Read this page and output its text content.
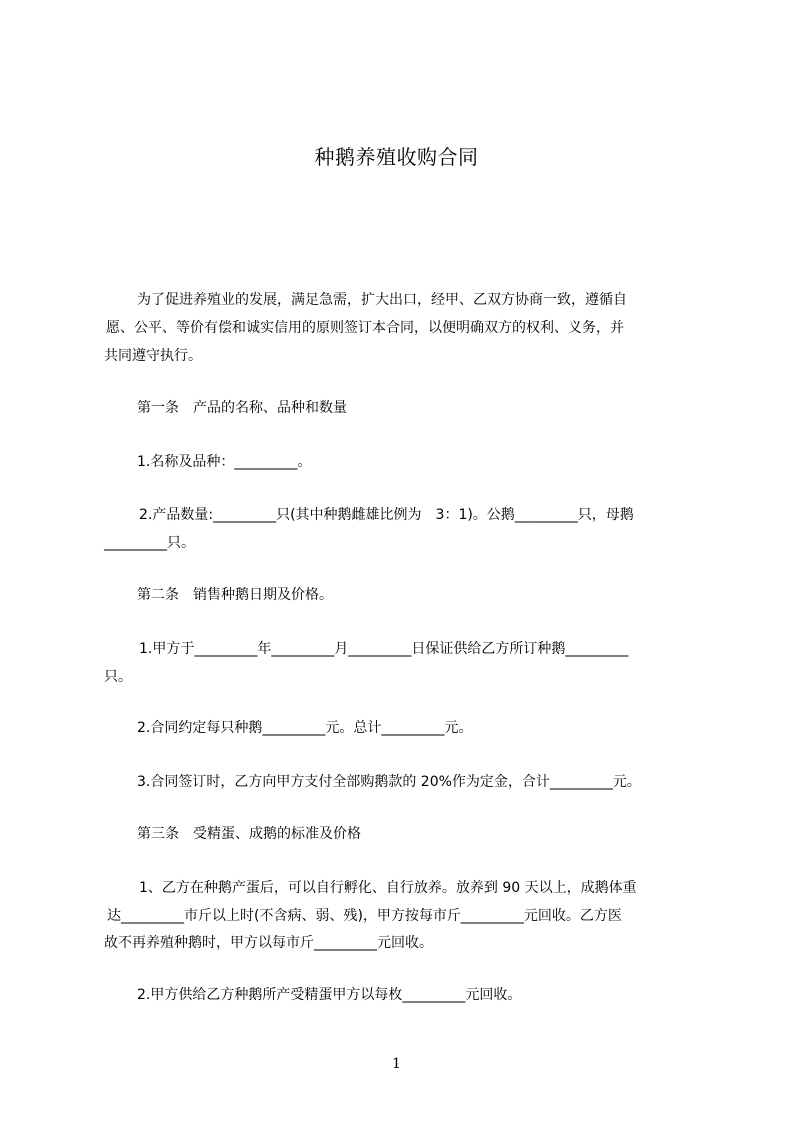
种鹅养殖收购合同
为了促进养殖业的发展，满足急需，扩大出口，经甲、乙双方协商一致，遵循自
愿、公平、等价有偿和诚实信用的原则签订本合同，以便明确双方的权利、义务，并
共同遵守执行。
第一条　产品的名称、品种和数量
1.名称及品种：_________。
2.产品数量:_________只(其中种鹅雌雄比例为　3：1)。公鹅_________只，母鹅
_________只。
第二条　销售种鹅日期及价格。
1.甲方于_________年_________月_________日保证供给乙方所订种鹅_________
只。
2.合同约定每只种鹅_________元。总计_________元。
3.合同签订时，乙方向甲方支付全部购鹅款的 20%作为定金，合计_________元。
第三条　受精蛋、成鹅的标准及价格
1、乙方在种鹅产蛋后，可以自行孵化、自行放养。放养到 90 天以上，成鹅体重
达_________市斤以上时(不含病、弱、残)，甲方按每市斤_________元回收。乙方医
故不再养殖种鹅时，甲方以每市斤_________元回收。
2.甲方供给乙方种鹅所产受精蛋甲方以每枚_________元回收。
1
